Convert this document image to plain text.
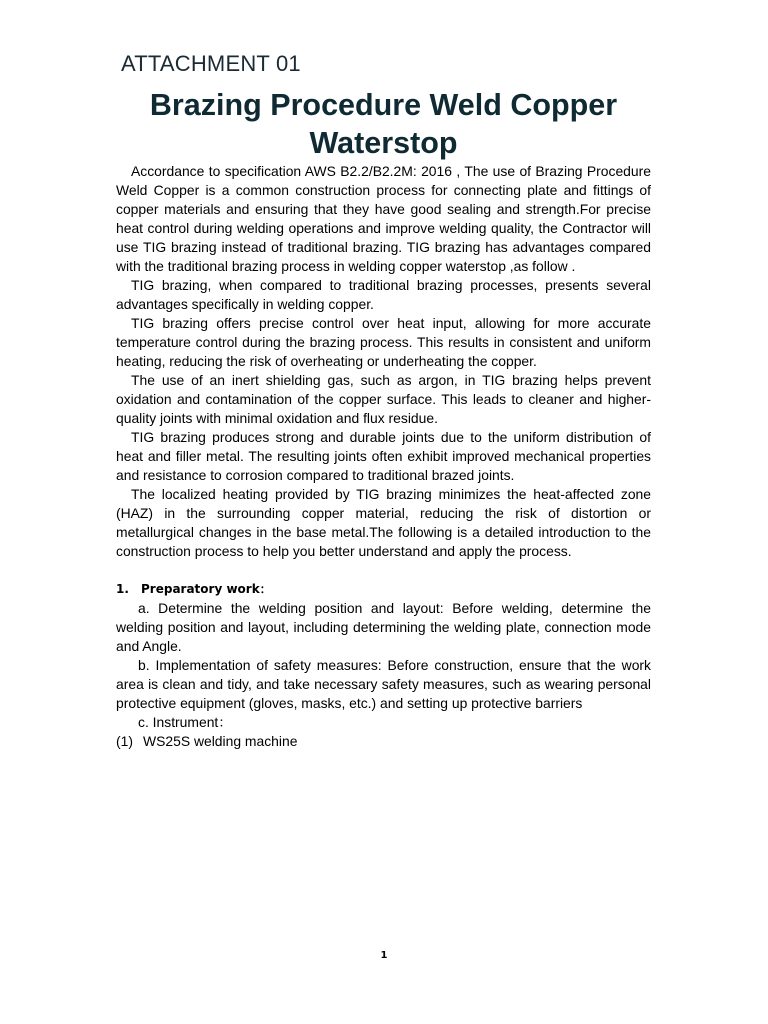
ATTACHMENT 01
Brazing Procedure Weld Copper Waterstop

Accordance to specification AWS B2.2/B2.2M: 2016 , The use of Brazing Procedure Weld Copper is a common construction process for connecting plate and fittings of copper materials and ensuring that they have good sealing and strength.For precise heat control during welding operations and improve welding quality, the Contractor will use TIG brazing instead of traditional brazing. TIG brazing has advantages compared with the traditional brazing process in welding copper waterstop ,as follow .

TIG brazing, when compared to traditional brazing processes, presents several advantages specifically in welding copper.

TIG brazing offers precise control over heat input, allowing for more accurate temperature control during the brazing process. This results in consistent and uniform heating, reducing the risk of overheating or underheating the copper.

The use of an inert shielding gas, such as argon, in TIG brazing helps prevent oxidation and contamination of the copper surface. This leads to cleaner and higher-quality joints with minimal oxidation and flux residue.

TIG brazing produces strong and durable joints due to the uniform distribution of heat and filler metal. The resulting joints often exhibit improved mechanical properties and resistance to corrosion compared to traditional brazed joints.

The localized heating provided by TIG brazing minimizes the heat-affected zone (HAZ) in the surrounding copper material, reducing the risk of distortion or metallurgical changes in the base metal.The following is a detailed introduction to the construction process to help you better understand and apply the process.

1.	Preparatory work：

a. Determine the welding position and layout: Before welding, determine the welding position and layout, including determining the welding plate, connection mode and Angle.

b. Implementation of safety measures: Before construction, ensure that the work area is clean and tidy, and take necessary safety measures, such as wearing personal protective equipment (gloves, masks, etc.) and setting up protective barriers

c. Instrument：

(1) WS25S welding machine
1
